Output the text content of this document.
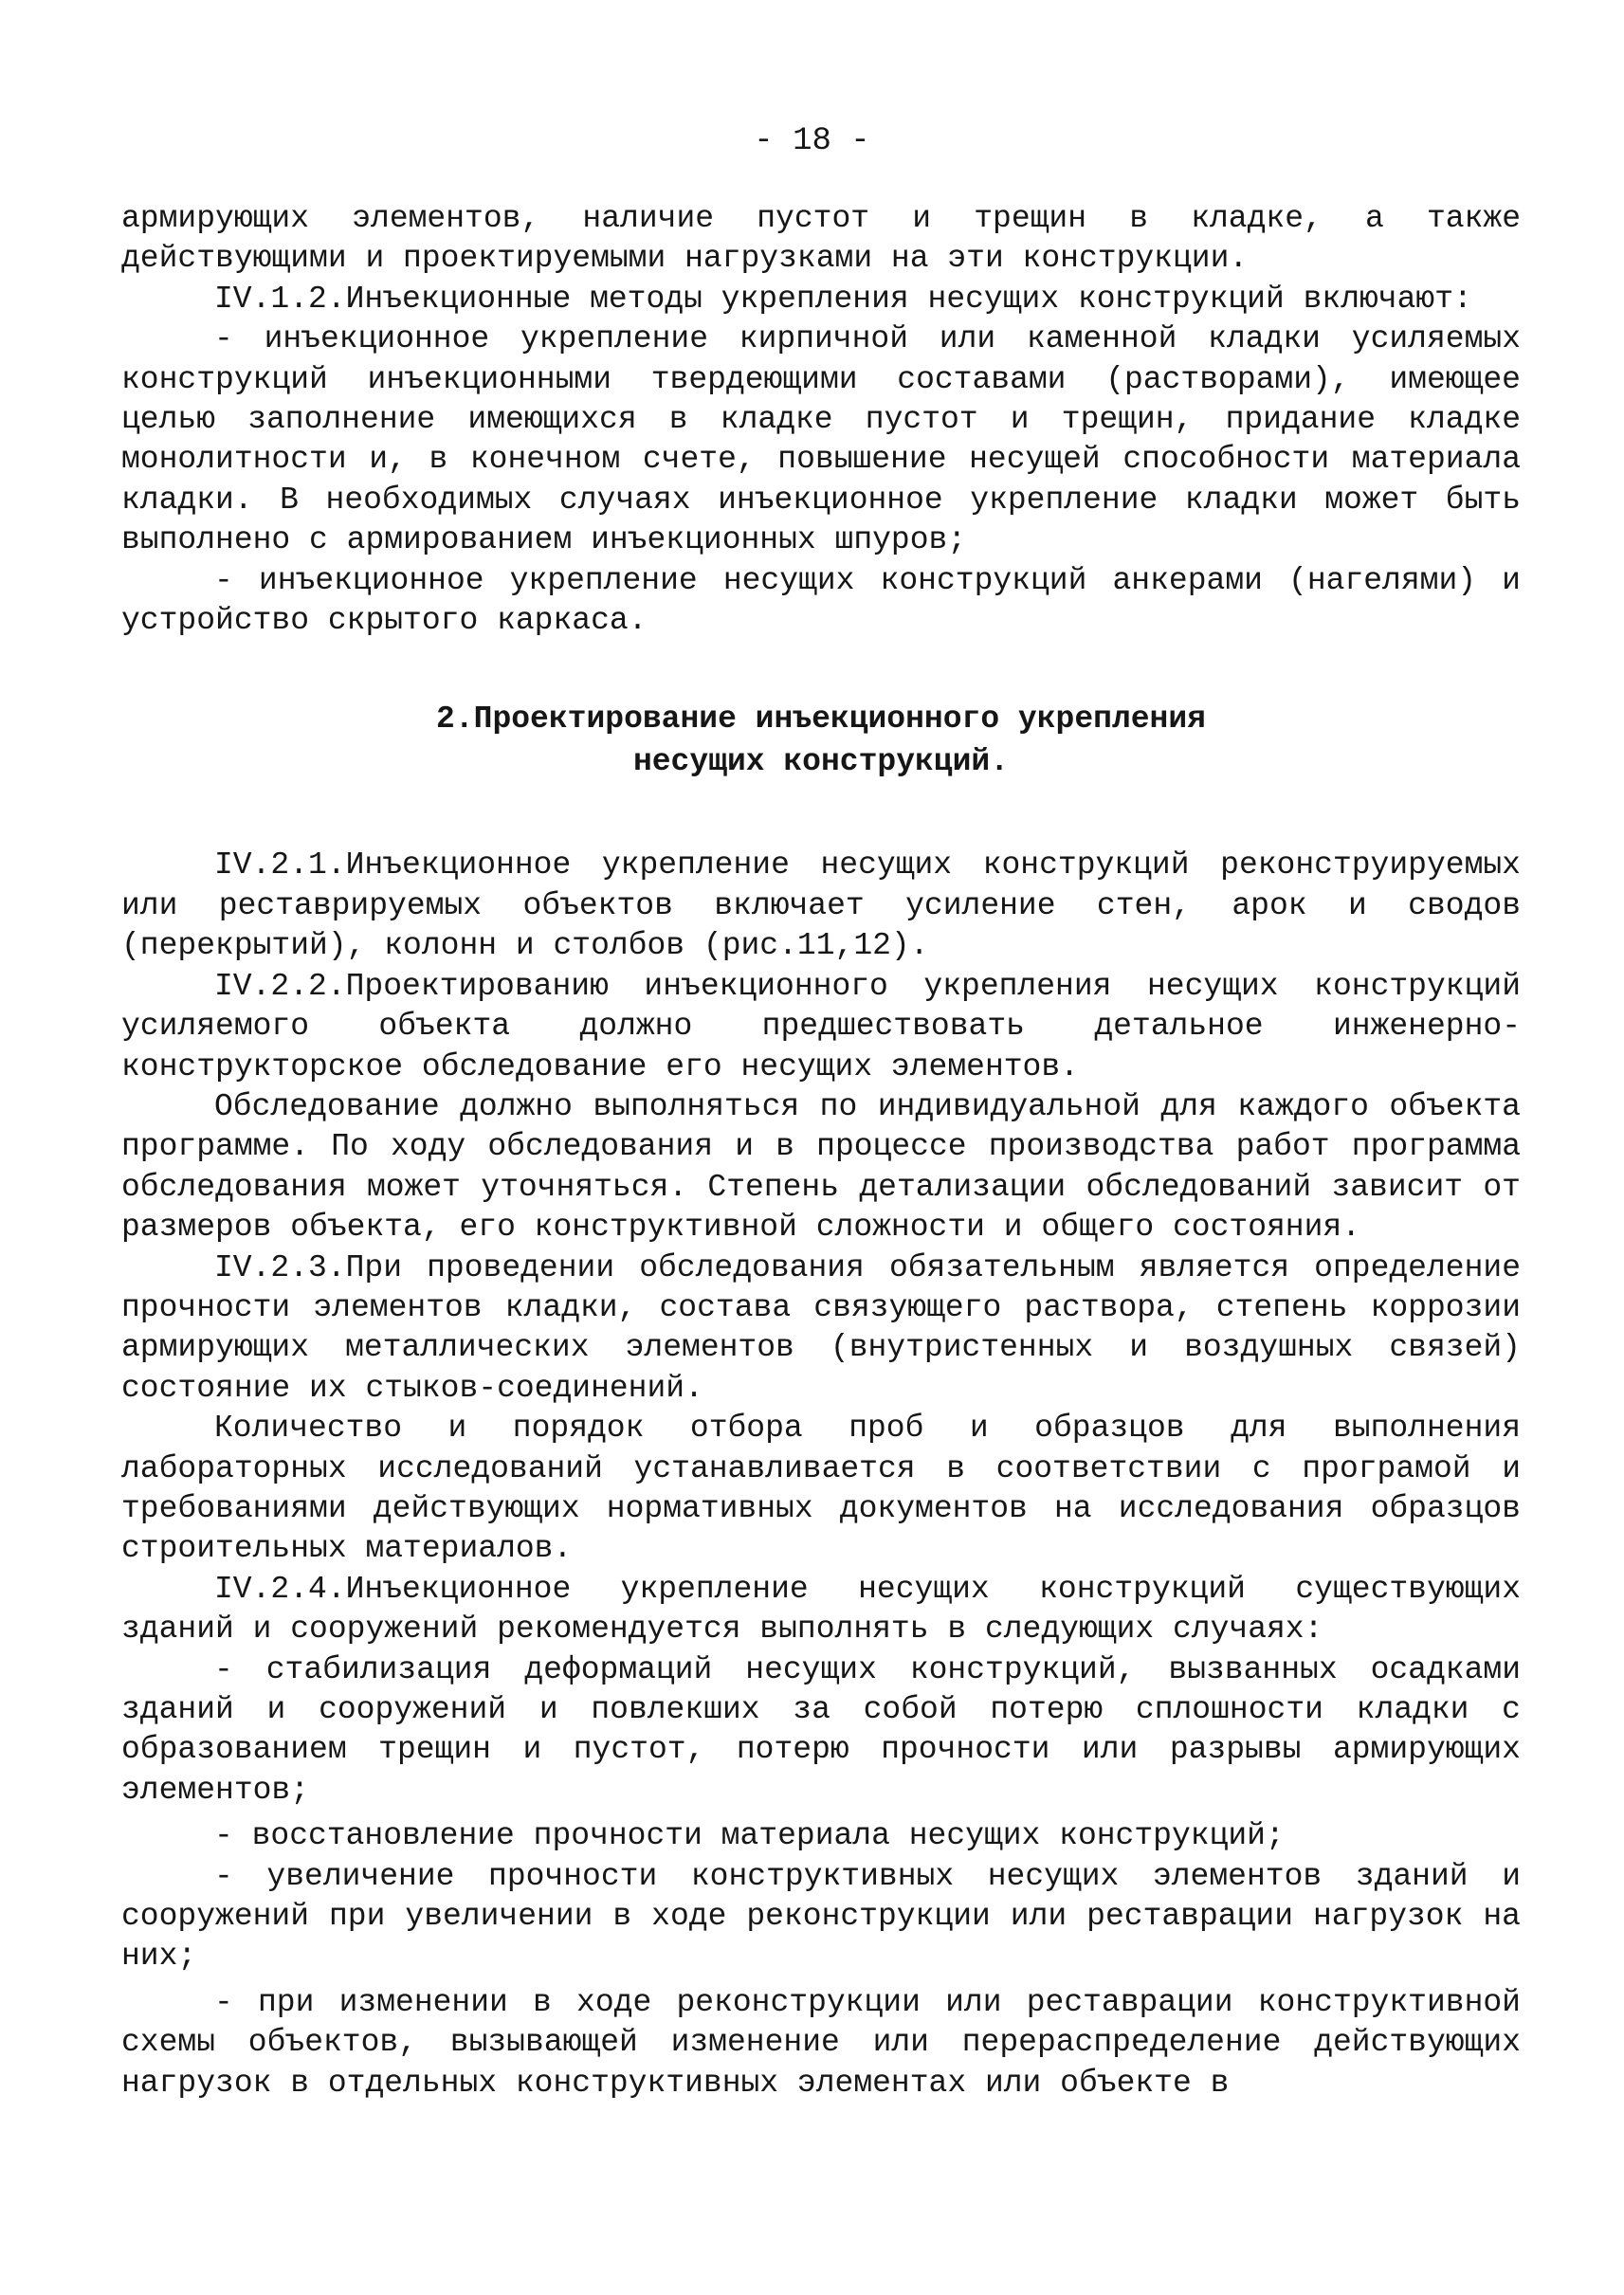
- 18 -

армирующих элементов, наличие пустот и трещин в кладке, а также действующими и проектируемыми нагрузками на эти конструкции.

IV.1.2.Инъекционные методы укрепления несущих конструкций включают:

- инъекционное укрепление кирпичной или каменной кладки усиляемых конструкций инъекционными твердеющими составами (растворами), имеющее целью заполнение имеющихся в кладке пустот и трещин, придание кладке монолитности и, в конечном счете, повышение несущей способности материала кладки. В необходимых случаях инъекционное укрепление кладки может быть выполнено с армированием инъекционных шпуров;

- инъекционное укрепление несущих конструкций анкерами (нагелями) и устройство скрытого каркаса.

2.Проектирование инъекционного укрепления

несущих конструкций.

IV.2.1.Инъекционное укрепление несущих конструкций реконструируемых или реставрируемых объектов включает усиление стен, арок и сводов (перекрытий), колонн и столбов (рис.11,12).

IV.2.2.Проектированию инъекционного укрепления несущих конструкций усиляемого объекта должно предшествовать детальное инженерно-конструкторское обследование его несущих элементов.

Обследование должно выполняться по индивидуальной для каждого объекта программе. По ходу обследования и в процессе производства работ программа обследования может уточняться. Степень детализации обследований зависит от размеров объекта, его конструктивной сложности и общего состояния.

IV.2.3.При проведении обследования обязательным является определение прочности элементов кладки, состава связующего раствора, степень коррозии армирующих металлических элементов (внутристенных и воздушных связей) состояние их стыков-соединений.

Количество и порядок отбора проб и образцов для выполнения лабораторных исследований устанавливается в соответствии с програмой и требованиями действующих нормативных документов на исследования образцов строительных материалов.

IV.2.4.Инъекционное укрепление несущих конструкций существующих зданий и сооружений рекомендуется выполнять в следующих случаях:

- стабилизация деформаций несущих конструкций, вызванных осадками зданий и сооружений и повлекших за собой потерю сплошности кладки с образованием трещин и пустот, потерю прочности или разрывы армирующих элементов;

- восстановление прочности материала несущих конструкций;

- увеличение прочности конструктивных несущих элементов зданий и сооружений при увеличении в ходе реконструкции или реставрации нагрузок на них;

- при изменении в ходе реконструкции или реставрации конструктивной схемы объектов, вызывающей изменение или перераспределение действующих нагрузок в отдельных конструктивных элементах или объекте в
